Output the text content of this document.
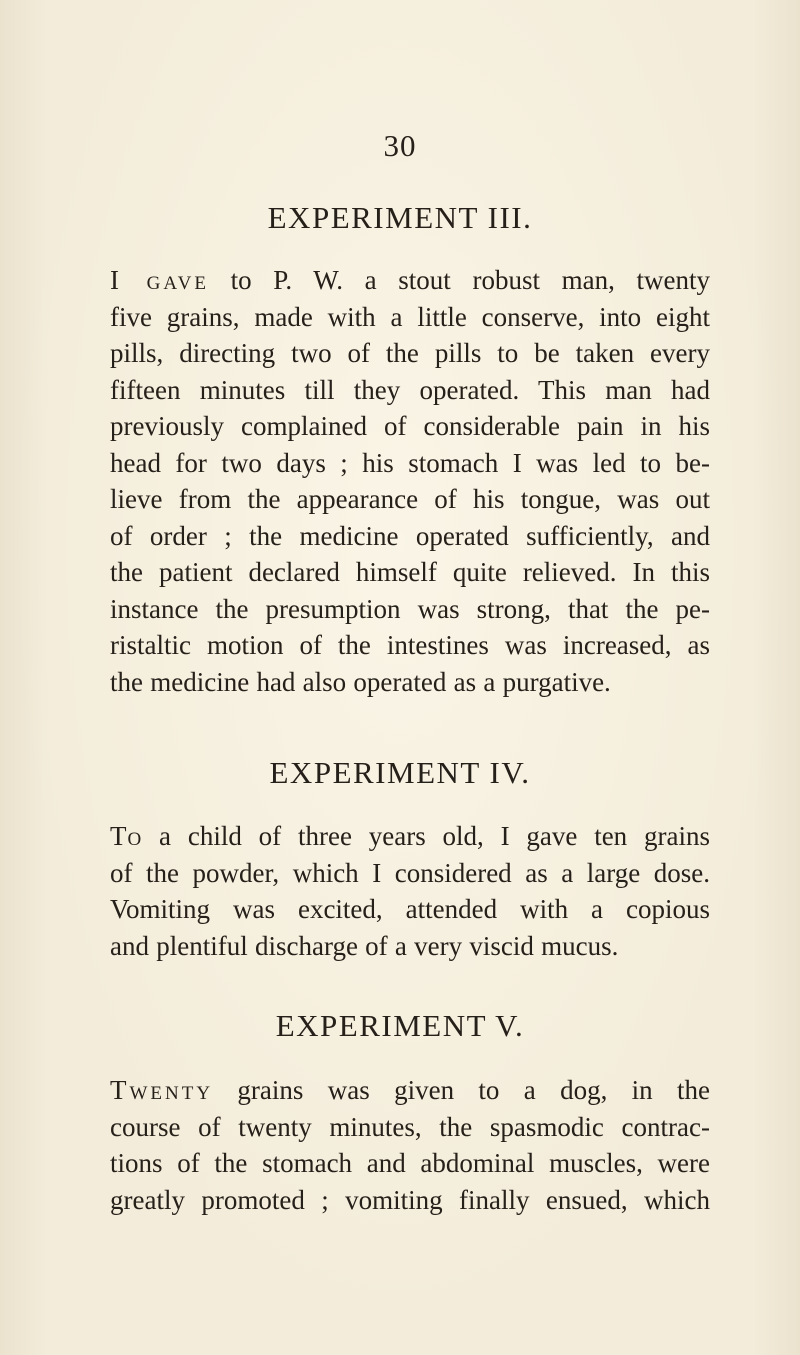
30
EXPERIMENT III.
I gave to P. W. a stout robust man, twenty
five grains, made with a little conserve, into eight
pills, directing two of the pills to be taken every
fifteen minutes till they operated. This man had
previously complained of considerable pain in his
head for two days ; his stomach I was led to be-
lieve from the appearance of his tongue, was out
of order ; the medicine operated sufficiently, and
the patient declared himself quite relieved. In this
instance the presumption was strong, that the pe-
ristaltic motion of the intestines was increased, as
the medicine had also operated as a purgative.
EXPERIMENT IV.
To a child of three years old, I gave ten grains
of the powder, which I considered as a large dose.
Vomiting was excited, attended with a copious
and plentiful discharge of a very viscid mucus.
EXPERIMENT V.
Twenty grains was given to a dog, in the
course of twenty minutes, the spasmodic contrac-
tions of the stomach and abdominal muscles, were
greatly promoted ; vomiting finally ensued, which
